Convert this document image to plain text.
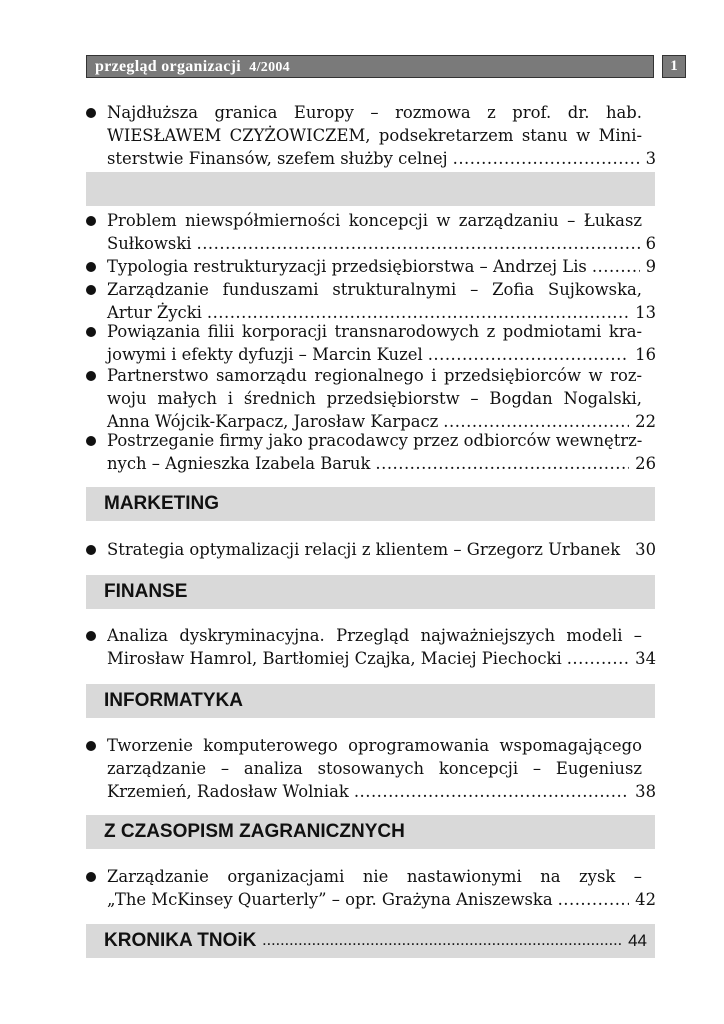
przegląd organizacji 4/2004	1
Najdłuższa granica Europy – rozmowa z prof. dr. hab.
WIESŁAWEM CZYŻOWICZEM, podsekretarzem stanu w Mini-
sterstwie Finansów, szefem służby celnej .....	3
Problem niewspółmierności koncepcji w zarządzaniu – Łukasz
Sułkowski .....	6
Typologia restrukturyzacji przedsiębiorstwa – Andrzej Lis .....	9
Zarządzanie funduszami strukturalnymi – Zofia Sujkowska,
Artur Życki .....	13
Powiązania filii korporacji transnarodowych z podmiotami kra-
jowymi i efekty dyfuzji – Marcin Kuzel .....	16
Partnerstwo samorządu regionalnego i przedsiębiorców w roz-
woju małych i średnich przedsiębiorstw – Bogdan Nogalski,
Anna Wójcik-Karpacz, Jarosław Karpacz .....	22
Postrzeganie firmy jako pracodawcy przez odbiorców wewnętrz-
nych – Agnieszka Izabela Baruk .....	26
MARKETING
Strategia optymalizacji relacji z klientem – Grzegorz Urbanek 30
FINANSE
Analiza dyskryminacyjna. Przegląd najważniejszych modeli –
Mirosław Hamrol, Bartłomiej Czajka, Maciej Piechocki .....	34
INFORMATYKA
Tworzenie komputerowego oprogramowania wspomagającego
zarządzanie – analiza stosowanych koncepcji – Eugeniusz
Krzemień, Radosław Wolniak .....	38
Z CZASOPISM ZAGRANICZNYCH
Zarządzanie organizacjami nie nastawionymi na zysk –
„The McKinsey Quarterly” – opr. Grażyna Aniszewska .....	42
KRONIKA TNOiK .....	44
